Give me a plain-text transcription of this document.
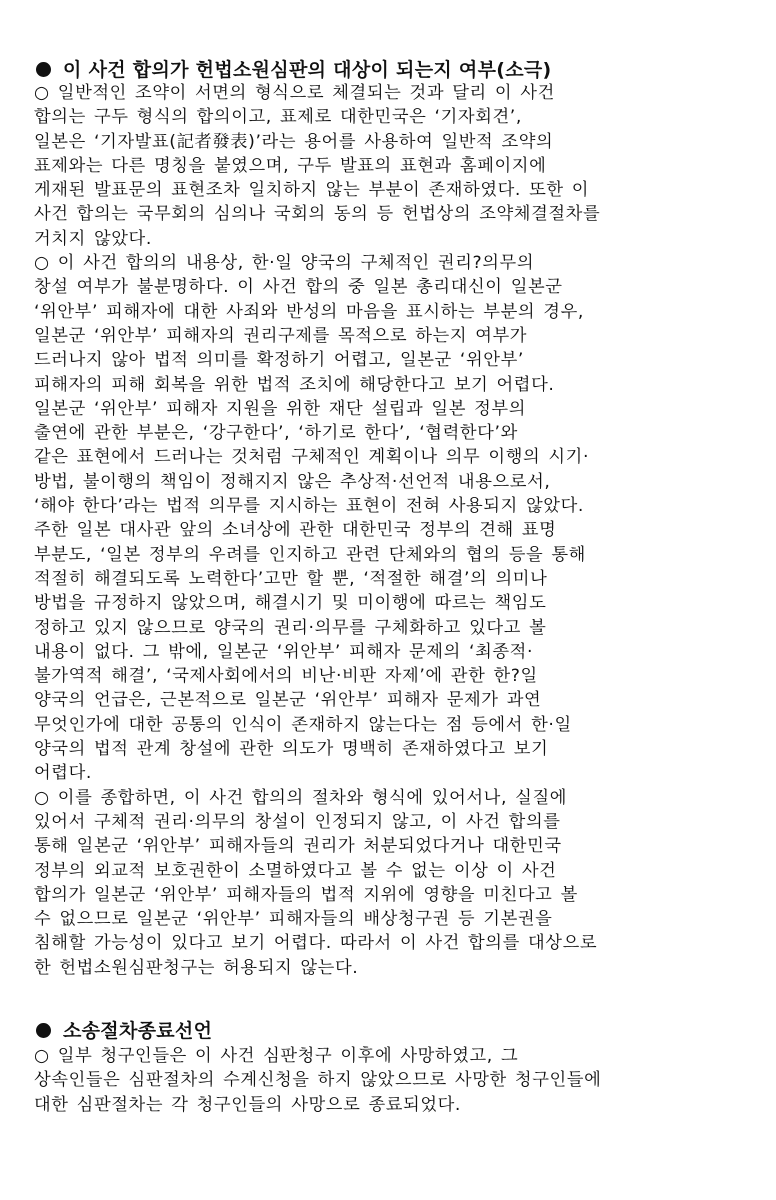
이 사건 합의가 헌법소원심판의 대상이 되는지 여부(소극)
○ 일반적인 조약이 서면의 형식으로 체결되는 것과 달리 이 사건
합의는 구두 형식의 합의이고, 표제로 대한민국은 ‘기자회견’,
일본은 ‘기자발표(記者發表)’라는 용어를 사용하여 일반적 조약의
표제와는 다른 명칭을 붙였으며, 구두 발표의 표현과 홈페이지에
게재된 발표문의 표현조차 일치하지 않는 부분이 존재하였다. 또한 이
사건 합의는 국무회의 심의나 국회의 동의 등 헌법상의 조약체결절차를
거치지 않았다.
○ 이 사건 합의의 내용상, 한·일 양국의 구체적인 권리?의무의
창설 여부가 불분명하다. 이 사건 합의 중 일본 총리대신이 일본군
‘위안부’ 피해자에 대한 사죄와 반성의 마음을 표시하는 부분의 경우,
일본군 ‘위안부’ 피해자의 권리구제를 목적으로 하는지 여부가
드러나지 않아 법적 의미를 확정하기 어렵고, 일본군 ‘위안부’
피해자의 피해 회복을 위한 법적 조치에 해당한다고 보기 어렵다.
일본군 ‘위안부’ 피해자 지원을 위한 재단 설립과 일본 정부의
출연에 관한 부분은, ‘강구한다’, ‘하기로 한다’, ‘협력한다’와
같은 표현에서 드러나는 것처럼 구체적인 계획이나 의무 이행의 시기·
방법, 불이행의 책임이 정해지지 않은 추상적·선언적 내용으로서,
‘해야 한다’라는 법적 의무를 지시하는 표현이 전혀 사용되지 않았다.
주한 일본 대사관 앞의 소녀상에 관한 대한민국 정부의 견해 표명
부분도, ‘일본 정부의 우려를 인지하고 관련 단체와의 협의 등을 통해
적절히 해결되도록 노력한다’고만 할 뿐, ‘적절한 해결’의 의미나
방법을 규정하지 않았으며, 해결시기 및 미이행에 따르는 책임도
정하고 있지 않으므로 양국의 권리·의무를 구체화하고 있다고 볼
내용이 없다. 그 밖에, 일본군 ‘위안부’ 피해자 문제의 ‘최종적·
불가역적 해결’, ‘국제사회에서의 비난·비판 자제’에 관한 한?일
양국의 언급은, 근본적으로 일본군 ‘위안부’ 피해자 문제가 과연
무엇인가에 대한 공통의 인식이 존재하지 않는다는 점 등에서 한·일
양국의 법적 관계 창설에 관한 의도가 명백히 존재하였다고 보기
어렵다.
○ 이를 종합하면, 이 사건 합의의 절차와 형식에 있어서나, 실질에
있어서 구체적 권리·의무의 창설이 인정되지 않고, 이 사건 합의를
통해 일본군 ‘위안부’ 피해자들의 권리가 처분되었다거나 대한민국
정부의 외교적 보호권한이 소멸하였다고 볼 수 없는 이상 이 사건
합의가 일본군 ‘위안부’ 피해자들의 법적 지위에 영향을 미친다고 볼
수 없으므로 일본군 ‘위안부’ 피해자들의 배상청구권 등 기본권을
침해할 가능성이 있다고 보기 어렵다. 따라서 이 사건 합의를 대상으로
한 헌법소원심판청구는 허용되지 않는다.
소송절차종료선언
○ 일부 청구인들은 이 사건 심판청구 이후에 사망하였고, 그
상속인들은 심판절차의 수계신청을 하지 않았으므로 사망한 청구인들에
대한 심판절차는 각 청구인들의 사망으로 종료되었다.
